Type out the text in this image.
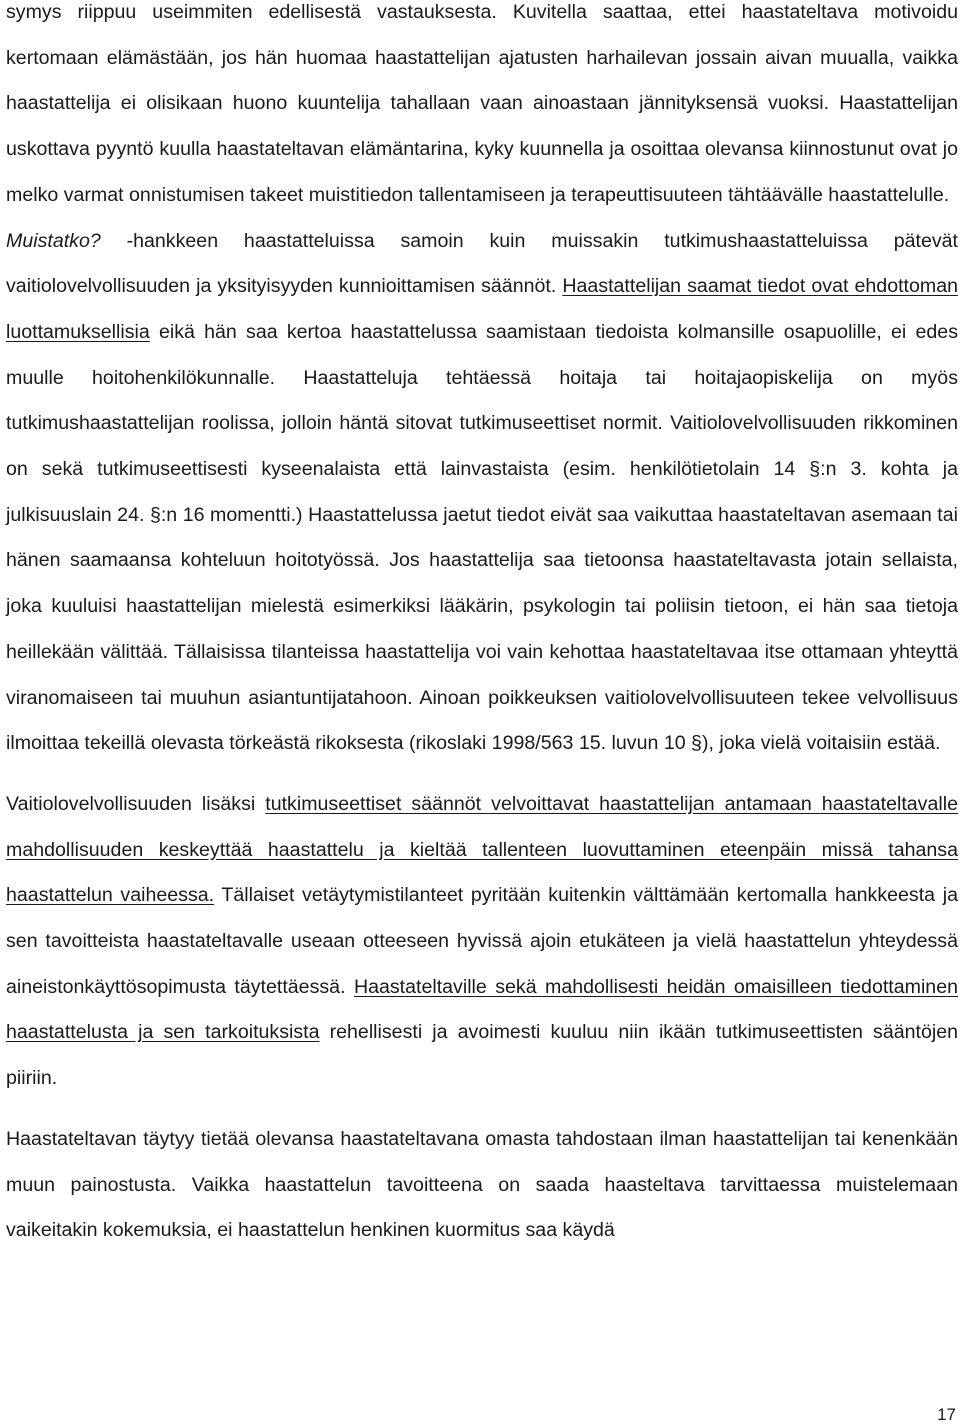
symys riippuu useimmiten edellisestä vastauksesta. Kuvitella saattaa, ettei haastateltava motivoidu kertomaan elämästään, jos hän huomaa haastattelijan ajatusten harhailevan jossain aivan muualla, vaikka haastattelija ei olisikaan huono kuuntelija tahallaan vaan ainoastaan jännityksensä vuoksi. Haastattelijan uskottava pyyntö kuulla haastateltavan elämäntarina, kyky kuunnella ja osoittaa olevansa kiinnostunut ovat jo melko varmat onnistumisen takeet muistitiedon tallentamiseen ja terapeuttisuuteen tähtäävälle haastattelulle.

Muistatko? -hankkeen haastatteluissa samoin kuin muissakin tutkimushaastatteluissa pätevät vaitiolovelvollisuuden ja yksityisyyden kunnioittamisen säännöt. Haastattelijan saamat tiedot ovat ehdottoman luottamuksellisia eikä hän saa kertoa haastattelussa saamistaan tiedoista kolmansille osapuolille, ei edes muulle hoitohenkilökunnalle. Haastatteluja tehtäessä hoitaja tai hoitajaopiskelija on myös tutkimushaastattelijan roolissa, jolloin häntä sitovat tutkimuseettiset normit. Vaitiolovelvollisuuden rikkominen on sekä tutkimuseettisesti kyseenalaista että lainvastaista (esim. henkilötietolain 14 §:n 3. kohta ja julkisuuslain 24. §:n 16 momentti.) Haastattelussa jaetut tiedot eivät saa vaikuttaa haastateltavan asemaan tai hänen saamaansa kohteluun hoitotyössä. Jos haastattelija saa tietoonsa haastateltavasta jotain sellaista, joka kuuluisi haastattelijan mielestä esimerkiksi lääkärin, psykologin tai poliisin tietoon, ei hän saa tietoja heillekään välittää. Tällaisissa tilanteissa haastattelija voi vain kehottaa haastateltavaa itse ottamaan yhteyttä viranomaiseen tai muuhun asiantuntijatahoon. Ainoan poikkeuksen vaitiolovelvollisuuteen tekee velvollisuus ilmoittaa tekeillä olevasta törkeästä rikoksesta (rikoslaki 1998/563 15. luvun 10 §), joka vielä voitaisiin estää.

Vaitiolovelvollisuuden lisäksi tutkimuseettiset säännöt velvoittavat haastattelijan antamaan haastateltavalle mahdollisuuden keskeyttää haastattelu ja kieltää tallenteen luovuttaminen eteenpäin missä tahansa haastattelun vaiheessa. Tällaiset vetäytymistilanteet pyritään kuitenkin välttämään kertomalla hankkeesta ja sen tavoitteista haastateltavalle useaan otteeseen hyvissä ajoin etukäteen ja vielä haastattelun yhteydessä aineistonkäyttösopimusta täytettäessä. Haastateltaville sekä mahdollisesti heidän omaisilleen tiedottaminen haastattelusta ja sen tarkoituksista rehellisesti ja avoimesti kuuluu niin ikään tutkimuseettisten sääntöjen piiriin.

Haastateltavan täytyy tietää olevansa haastateltavana omasta tahdostaan ilman haastattelijan tai kenenkään muun painostusta. Vaikka haastattelun tavoitteena on saada haasteltava tarvittaessa muistelemaan vaikeitakin kokemuksia, ei haastattelun henkinen kuormitus saa käydä

17
